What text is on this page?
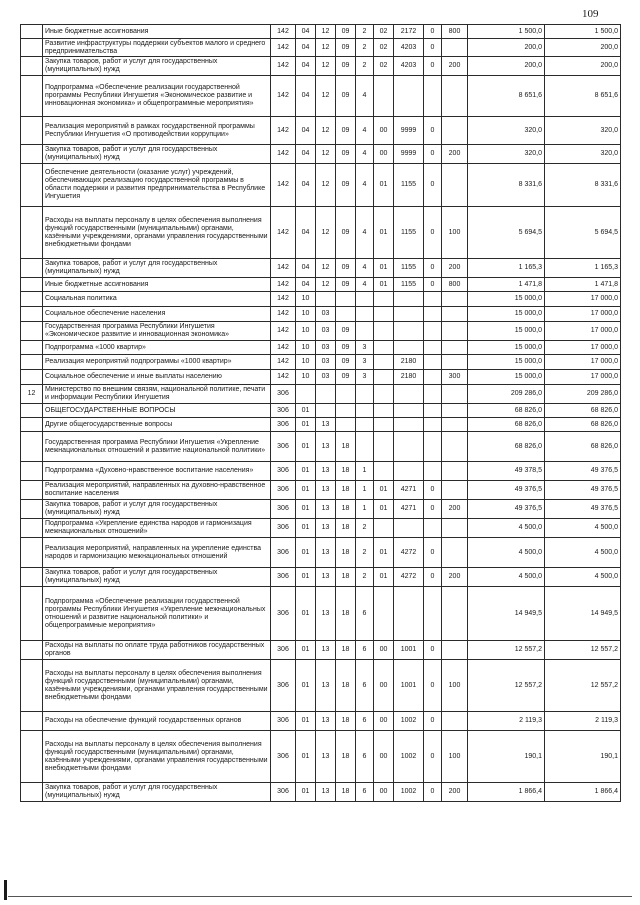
109
	Иные бюджетные ассигнования	142	04	12	09	2	02	2172	0	800	1 500,0	1 500,0
	Развитие инфраструктуры поддержки субъектов малого и среднего предпринимательства	142	04	12	09	2	02	4203	0		200,0	200,0
	Закупка товаров, работ и услуг для государственных (муниципальных) нужд	142	04	12	09	2	02	4203	0	200	200,0	200,0
	Подпрограмма «Обеспечение реализации государственной программы Республики Ингушетия «Экономическое развитие и инновационная экономика» и общепрограммные мероприятия»	142	04	12	09	4					8 651,6	8 651,6
	Реализация мероприятий в рамках государственной программы Республики Ингушетия «О противодействии коррупции»	142	04	12	09	4	00	9999	0		320,0	320,0
	Закупка товаров, работ и услуг для государственных (муниципальных) нужд	142	04	12	09	4	00	9999	0	200	320,0	320,0
	Обеспечение деятельности (оказание услуг) учреждений, обеспечивающих реализацию государственной программы в области поддержки и развития предпринимательства в Республике Ингушетия	142	04	12	09	4	01	1155	0		8 331,6	8 331,6
	Расходы на выплаты персоналу в целях обеспечения выполнения функций государственными (муниципальными) органами, казёнными учреждениями, органами управления государственными внебюджетными фондами	142	04	12	09	4	01	1155	0	100	5 694,5	5 694,5
	Закупка товаров, работ и услуг для государственных (муниципальных) нужд	142	04	12	09	4	01	1155	0	200	1 165,3	1 165,3
	Иные бюджетные ассигнования	142	04	12	09	4	01	1155	0	800	1 471,8	1 471,8
	Социальная политика	142	10								15 000,0	17 000,0
	Социальное обеспечение населения	142	10	03							15 000,0	17 000,0
	Государственная программа Республики Ингушетия «Экономическое развитие и инновационная экономика»	142	10	03	09						15 000,0	17 000,0
	Подпрограмма «1000 квартир»	142	10	03	09	3					15 000,0	17 000,0
	Реализация мероприятий подпрограммы «1000 квартир»	142	10	03	09	3		2180			15 000,0	17 000,0
	Социальное обеспечение и иные выплаты населению	142	10	03	09	3		2180		300	15 000,0	17 000,0
12	Министерство по внешним связям, национальной политике, печати и информации Республики Ингушетия	306									209 286,0	209 286,0
	ОБЩЕГОСУДАРСТВЕННЫЕ ВОПРОСЫ	306	01								68 826,0	68 826,0
	Другие общегосударственные вопросы	306	01	13							68 826,0	68 826,0
	Государственная программа Республики Ингушетия «Укрепление межнациональных отношений и развитие национальной политики»	306	01	13	18						68 826,0	68 826,0
	Подпрограмма «Духовно-нравственное воспитание населения»	306	01	13	18	1					49 378,5	49 376,5
	Реализация мероприятий, направленных на духовно-нравственное воспитание населения	306	01	13	18	1	01	4271	0		49 376,5	49 376,5
	Закупка товаров, работ и услуг для государственных (муниципальных) нужд	306	01	13	18	1	01	4271	0	200	49 376,5	49 376,5
	Подпрограмма «Укрепление единства народов и гармонизация межнациональных отношений»	306	01	13	18	2					4 500,0	4 500,0
	Реализация мероприятий, направленных на укрепление единства народов и гармонизацию межнациональных отношений	306	01	13	18	2	01	4272	0		4 500,0	4 500,0
	Закупка товаров, работ и услуг для государственных (муниципальных) нужд	306	01	13	18	2	01	4272	0	200	4 500,0	4 500,0
	Подпрограмма «Обеспечение реализации государственной программы Республики Ингушетия «Укрепление межнациональных отношений и развитие национальной политики» и общепрограммные мероприятия»	306	01	13	18	6					14 949,5	14 949,5
	Расходы на выплаты по оплате труда работников государственных органов	306	01	13	18	6	00	1001	0		12 557,2	12 557,2
	Расходы на выплаты персоналу в целях обеспечения выполнения функций государственными (муниципальными) органами, казёнными учреждениями, органами управления государственными внебюджетными фондами	306	01	13	18	6	00	1001	0	100	12 557,2	12 557,2
	Расходы на обеспечение функций государственных органов	306	01	13	18	6	00	1002	0		2 119,3	2 119,3
	Расходы на выплаты персоналу в целях обеспечения выполнения функций государственными (муниципальными) органами, казёнными учреждениями, органами управления государственными внебюджетными фондами	306	01	13	18	6	00	1002	0	100	190,1	190,1
	Закупка товаров, работ и услуг для государственных (муниципальных) нужд	306	01	13	18	6	00	1002	0	200	1 866,4	1 866,4
